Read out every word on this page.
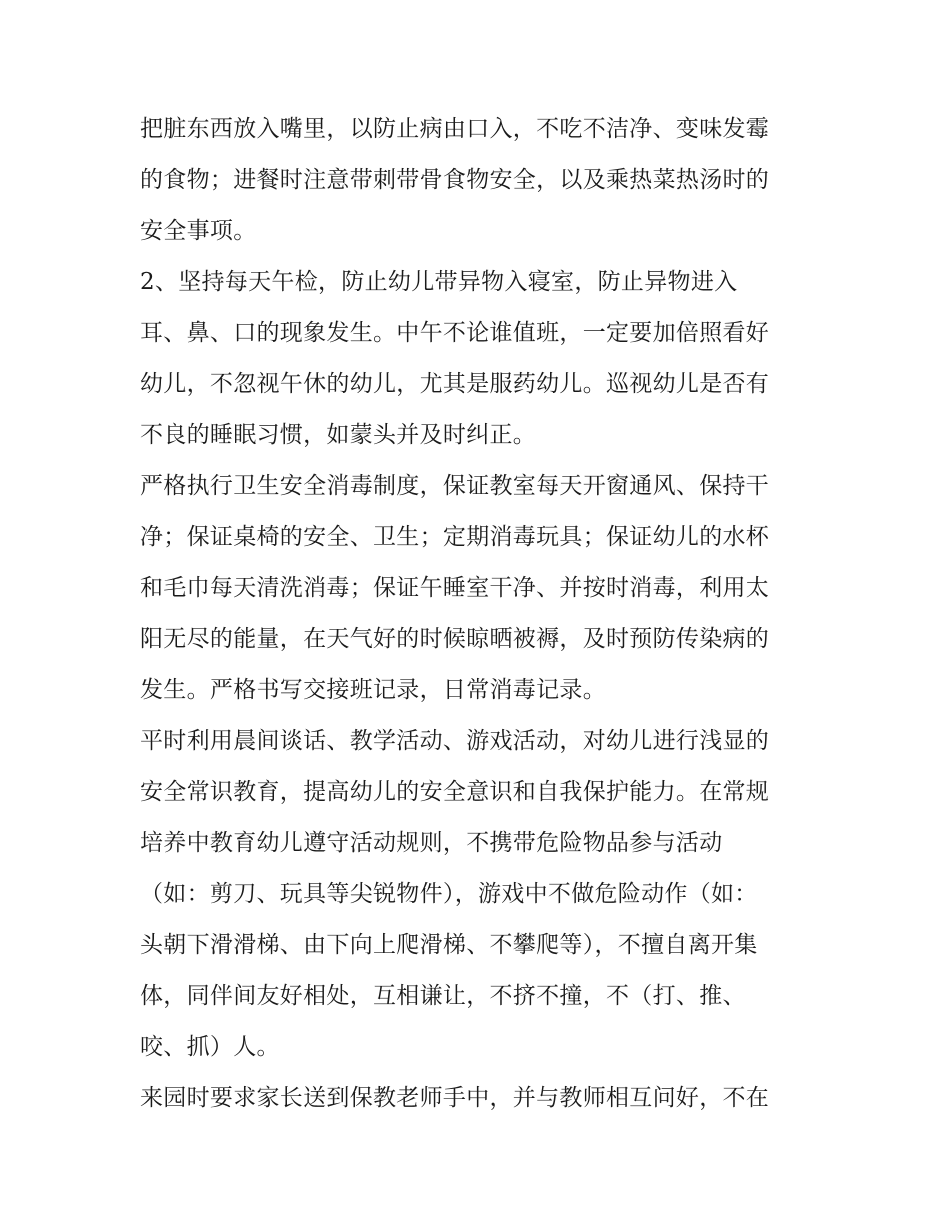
把脏东西放入嘴里，以防止病由口入，不吃不洁净、变味发霉
的食物；进餐时注意带刺带骨食物安全，以及乘热菜热汤时的
安全事项。
2、坚持每天午检，防止幼儿带异物入寝室，防止异物进入
耳、鼻、口的现象发生。中午不论谁值班，一定要加倍照看好
幼儿，不忽视午休的幼儿，尤其是服药幼儿。巡视幼儿是否有
不良的睡眠习惯，如蒙头并及时纠正。
严格执行卫生安全消毒制度，保证教室每天开窗通风、保持干
净；保证桌椅的安全、卫生；定期消毒玩具；保证幼儿的水杯
和毛巾每天清洗消毒；保证午睡室干净、并按时消毒，利用太
阳无尽的能量，在天气好的时候晾晒被褥，及时预防传染病的
发生。严格书写交接班记录，日常消毒记录。
平时利用晨间谈话、教学活动、游戏活动，对幼儿进行浅显的
安全常识教育，提高幼儿的安全意识和自我保护能力。在常规
培养中教育幼儿遵守活动规则，不携带危险物品参与活动
（如：剪刀、玩具等尖锐物件），游戏中不做危险动作（如：
头朝下滑滑梯、由下向上爬滑梯、不攀爬等），不擅自离开集
体，同伴间友好相处，互相谦让，不挤不撞，不（打、推、
咬、抓）人。
来园时要求家长送到保教老师手中，并与教师相互问好，不在
